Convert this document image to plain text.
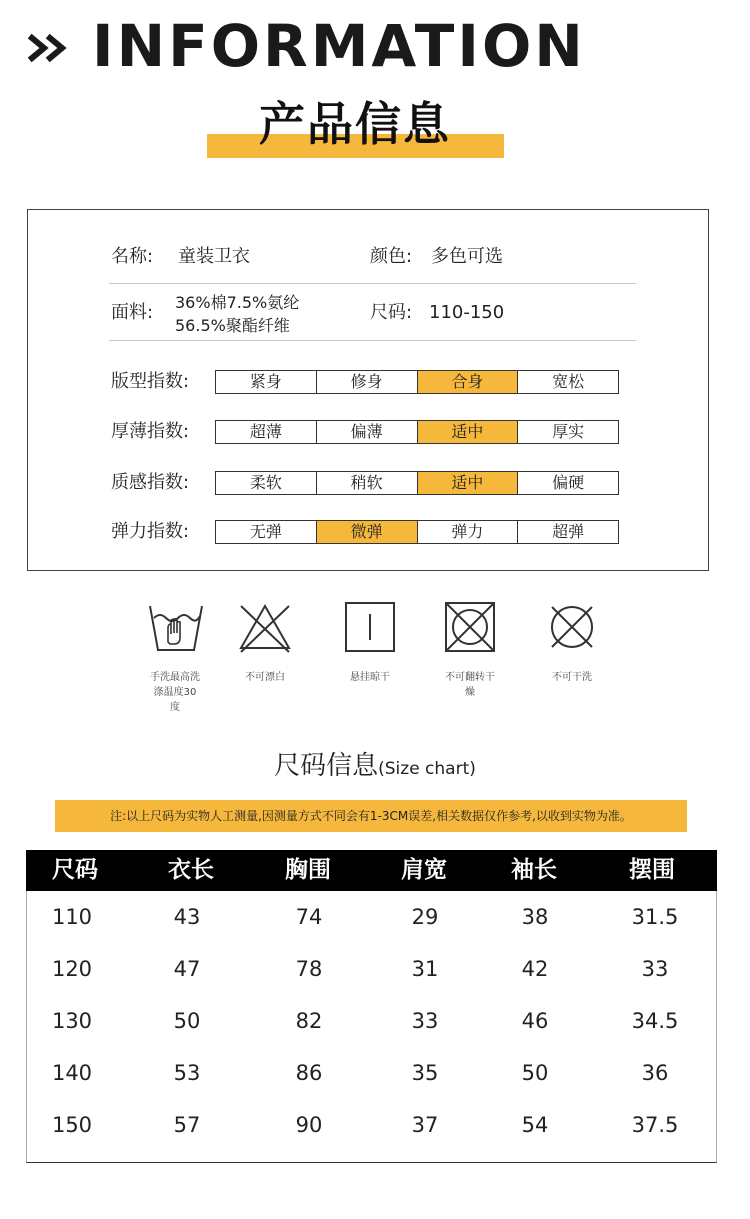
INFORMATION
产品信息
名称: 童装卫衣	颜色: 多色可选
面料: 36%棉7.5%氨纶
56.5%聚酯纤维
尺码: 110-150
版型指数:	紧身	修身	合身	宽松
厚薄指数:	超薄	偏薄	适中	厚实
质感指数:	柔软	稍软	适中	偏硬
弹力指数:	无弹	微弹	弹力	超弹
手洗最高洗
涤温度30
度
不可漂白	悬挂晾干	不可翻转干
燥
不可干洗
尺码信息(Size chart)
注:以上尺码为实物人工测量,因测量方式不同会有1-3CM误差,相关数据仅作参考,以收到实物为准。
尺码	衣长	胸围	肩宽	袖长	摆围
110	43	74	29	38	31.5
120	47	78	31	42	33
130	50	82	33	46	34.5
140	53	86	35	50	36
150	57	90	37	54	37.5
